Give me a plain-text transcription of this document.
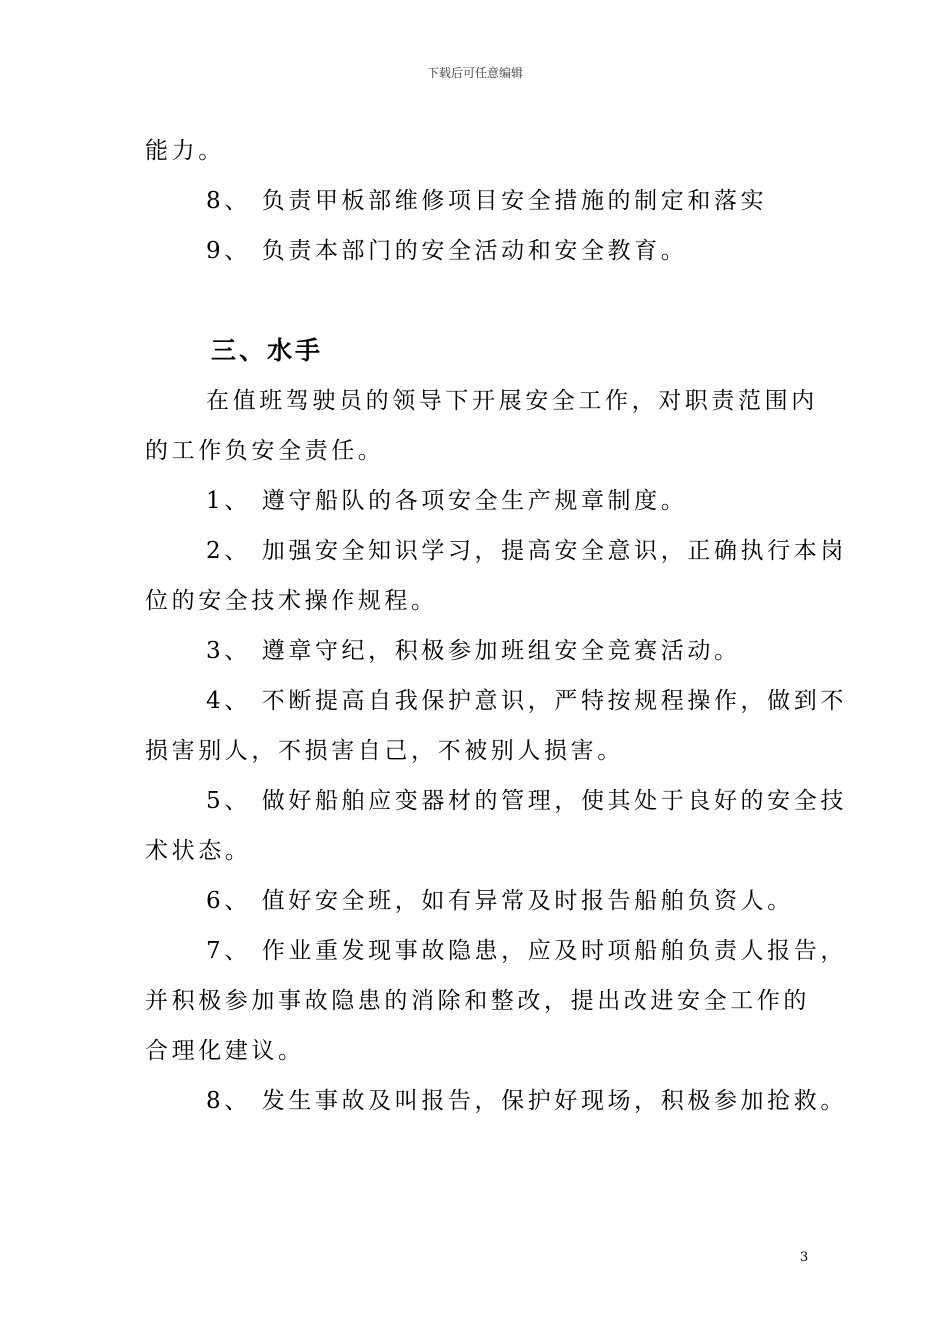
下载后可任意编辑
能力。
8、 负责甲板部维修项目安全措施的制定和落实
9、 负责本部门的安全活动和安全教育。
三、水手
在值班驾驶员的领导下开展安全工作，对职责范围内
的工作负安全责任。
1、 遵守船队的各项安全生产规章制度。
2、 加强安全知识学习，提高安全意识，正确执行本岗
位的安全技术操作规程。
3、 遵章守纪，积极参加班组安全竞赛活动。
4、 不断提高自我保护意识，严特按规程操作，做到不
损害别人，不损害自己，不被别人损害。
5、 做好船舶应变器材的管理，使其处于良好的安全技
术状态。
6、 值好安全班，如有异常及时报告船舶负资人。
7、 作业重发现事故隐患，应及时项船舶负责人报告，
并积极参加事故隐患的消除和整改，提出改进安全工作的
合理化建议。
8、 发生事故及叫报告，保护好现场，积极参加抢救。
3
